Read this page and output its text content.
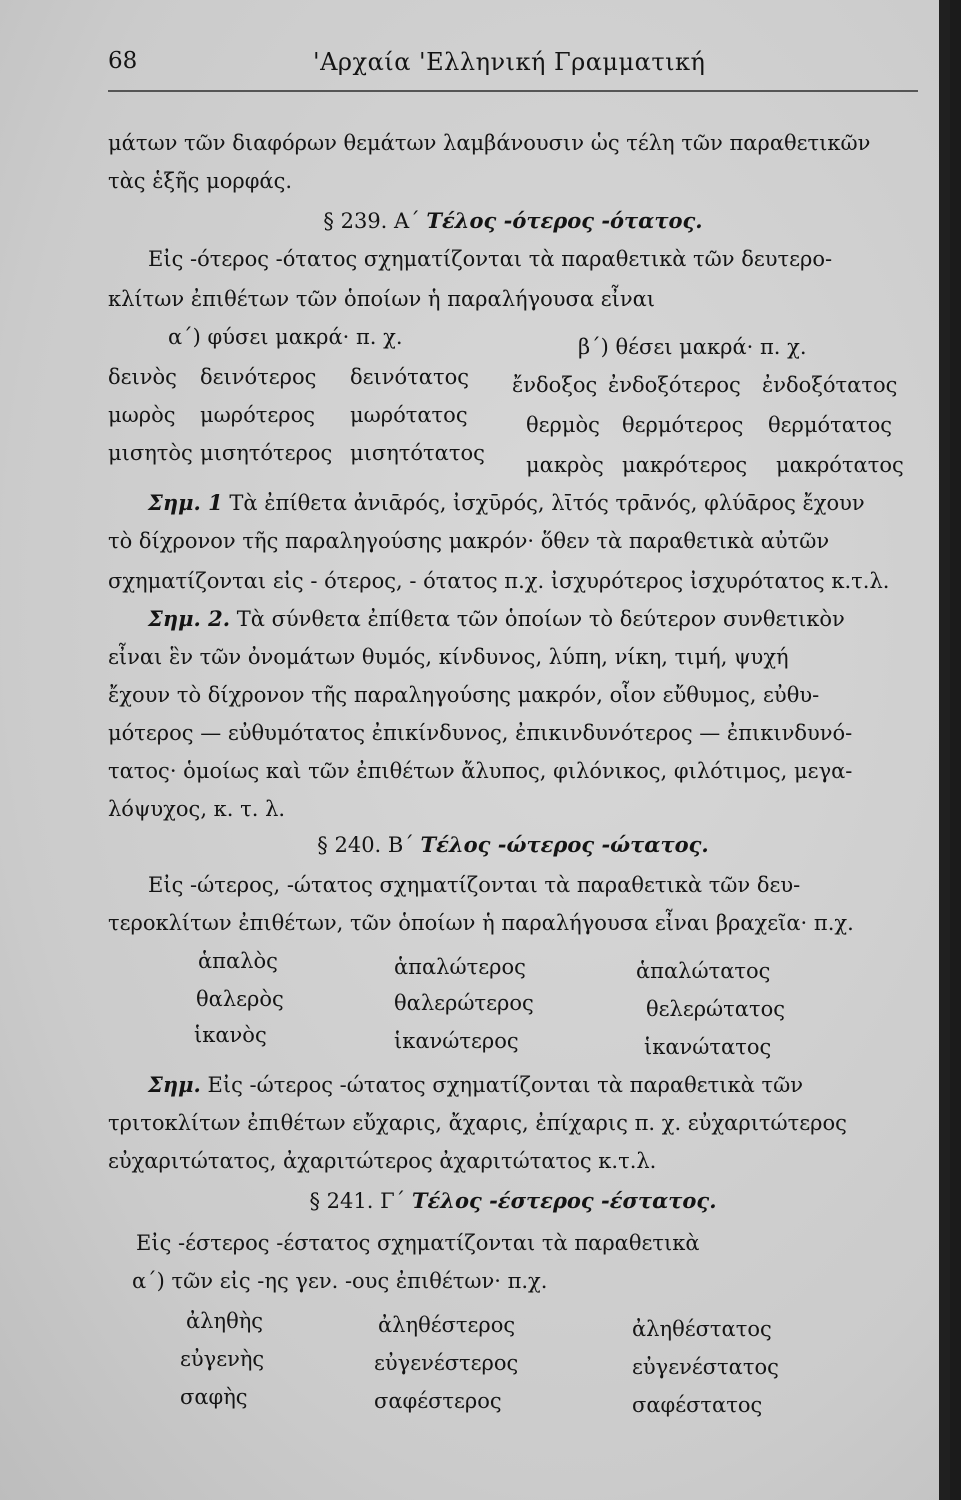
68	'Αρχαία 'Ελληνική Γραμματική
μάτων τῶν διαφόρων θεμάτων λαμβάνουσιν ὡς τέλη τῶν παραθετικῶν
τὰς ἑξῆς μορφάς.
§ 239. Α΄ Τέλος -ότερος -ότατος.
Εἰς -ότερος -ότατος σχηματίζονται τὰ παραθετικὰ τῶν δευτερο-
κλίτων ἐπιθέτων τῶν ὁποίων ἡ παραλήγουσα εἶναι
α΄) φύσει μακρά· π. χ.	β΄) θέσει μακρά· π. χ.
δεινὸς δεινότερος δεινότατος
μωρὸς μωρότερος μωρότατος
μισητὸς μισητότερος μισητότατος
ἔνδοξος ἐνδοξότερος ἐνδοξότατος
θερμὸς θερμότερος θερμότατος
μακρὸς μακρότερος μακρότατος
Σημ. 1 Τὰ ἐπίθετα ἀνιᾱρός, ἰσχῡρός, λῑτός τρᾱνός, φλύᾱρος ἔχουν
τὸ δίχρονον τῆς παραληγούσης μακρόν· ὅθεν τὰ παραθετικὰ αὐτῶν
σχηματίζονται εἰς - ότερος, - ότατος π.χ. ἰσχυρότερος ἰσχυρότατος κ.τ.λ.
Σημ. 2. Τὰ σύνθετα ἐπίθετα τῶν ὁποίων τὸ δεύτερον συνθετικὸν
εἶναι ἓν τῶν ὀνομάτων θυμός, κίνδυνος, λύπη, νίκη, τιμή, ψυχή
ἔχουν τὸ δίχρονον τῆς παραληγούσης μακρόν, οἷον εὔθυμος, εὐθυ-
μότερος — εὐθυμότατος ἐπικίνδυνος, ἐπικινδυνότερος — ἐπικινδυνό-
τατος· ὁμοίως καὶ τῶν ἐπιθέτων ἄλυπος, φιλόνικος, φιλότιμος, μεγα-
λόψυχος, κ. τ. λ.
§ 240. Β΄ Τέλος -ώτερος -ώτατος.
Εἰς -ώτερος, -ώτατος σχηματίζονται τὰ παραθετικὰ τῶν δευ-
τεροκλίτων ἐπιθέτων, τῶν ὁποίων ἡ παραλήγουσα εἶναι βραχεῖα· π.χ.
ἁπαλὸς	ἁπαλώτερος	ἁπαλώτατος
θαλερὸς	θαλερώτερος	θελερώτατος
ἱκανὸς	ἱκανώτερος	ἱκανώτατος
Σημ. Εἰς -ώτερος -ώτατος σχηματίζονται τὰ παραθετικὰ τῶν
τριτοκλίτων ἐπιθέτων εὔχαρις, ἄχαρις, ἐπίχαρις π. χ. εὐχαριτώτερος
εὐχαριτώτατος, ἀχαριτώτερος ἀχαριτώτατος κ.τ.λ.
§ 241. Γ΄ Τέλος -έστερος -έστατος.
Εἰς -έστερος -έστατος σχηματίζονται τὰ παραθετικὰ
α΄) τῶν εἰς -ης γεν. -ους ἐπιθέτων· π.χ.
ἀληθὴς	ἀληθέστερος	ἀληθέστατος
εὐγενὴς	εὐγενέστερος	εὐγενέστατος
σαφὴς	σαφέστερος	σαφέστατος
